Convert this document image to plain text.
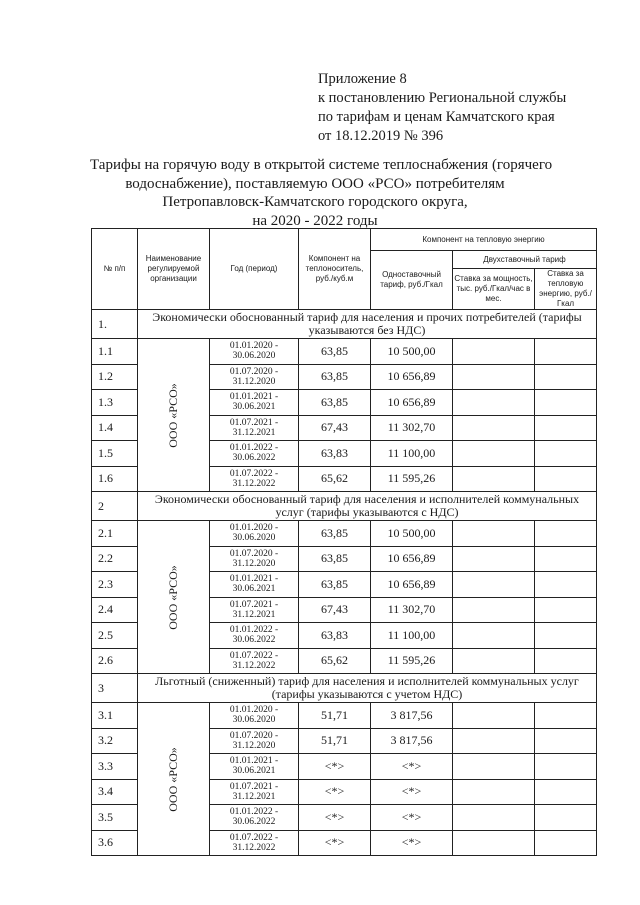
Приложение 8
к постановлению Региональной службы
по тарифам и ценам Камчатского края
от 18.12.2019 № 396
Тарифы на горячую воду в открытой системе теплоснабжения (горячего
водоснабжение), поставляемую ООО «РСО» потребителям
Петропавловск-Камчатского городского округа,
на 2020 - 2022 годы
№ п/п	Наименование регулируемой организации	Год (период)	Компонент на теплоноситель, руб./куб.м	Компонент на тепловую энергию		
				Одноставочный тариф, руб./Гкал	Двухставочный тариф	
					Ставка за мощность, тыс. руб./Гкал/час в мес.	Ставка за тепловую энергию, руб./Гкал
1.	Экономически обоснованный тариф для населения и прочих потребителей (тарифы указываются без НДС)					
1.1	ООО «РСО»	01.01.2020 -
30.06.2020	63,85	10 500,00		
1.2		01.07.2020 -
31.12.2020	63,85	10 656,89		
1.3		01.01.2021 -
30.06.2021	63,85	10 656,89		
1.4		01.07.2021 -
31.12.2021	67,43	11 302,70		
1.5		01.01.2022 -
30.06.2022	63,83	11 100,00		
1.6		01.07.2022 -
31.12.2022	65,62	11 595,26		
2	Экономически обоснованный тариф для населения и исполнителей коммунальных услуг (тарифы указываются с НДС)					
2.1	ООО «РСО»	01.01.2020 -
30.06.2020	63,85	10 500,00		
2.2		01.07.2020 -
31.12.2020	63,85	10 656,89		
2.3		01.01.2021 -
30.06.2021	63,85	10 656,89		
2.4		01.07.2021 -
31.12.2021	67,43	11 302,70		
2.5		01.01.2022 -
30.06.2022	63,83	11 100,00		
2.6		01.07.2022 -
31.12.2022	65,62	11 595,26		
3	Льготный (сниженный) тариф для населения и исполнителей коммунальных услуг (тарифы указываются с учетом НДС)					
3.1	ООО «РСО»	01.01.2020 -
30.06.2020	51,71	3 817,56		
3.2		01.07.2020 -
31.12.2020	51,71	3 817,56		
3.3		01.01.2021 -
30.06.2021	<*>	<*>		
3.4		01.07.2021 -
31.12.2021	<*>	<*>		
3.5		01.01.2022 -
30.06.2022	<*>	<*>		
3.6		01.07.2022 -
31.12.2022	<*>	<*>		
